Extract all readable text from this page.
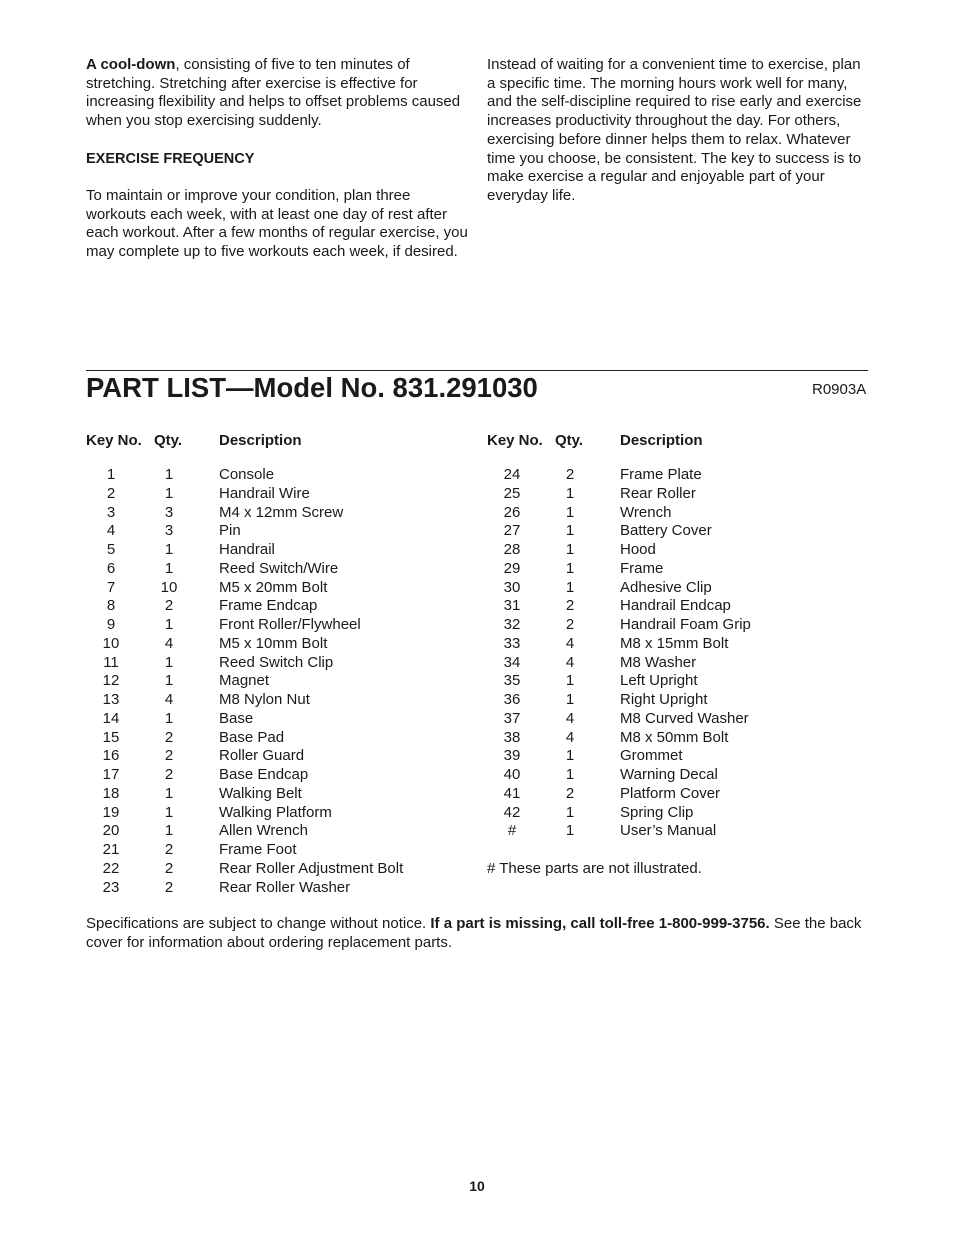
A cool-down, consisting of five to ten minutes of stretching. Stretching after exercise is effective for increasing flexibility and helps to offset problems caused when you stop exercising suddenly.

EXERCISE FREQUENCY

To maintain or improve your condition, plan three workouts each week, with at least one day of rest after each workout. After a few months of regular exercise, you may complete up to five workouts each week, if desired.

Instead of waiting for a convenient time to exercise, plan a specific time. The morning hours work well for many, and the self-discipline required to rise early and exercise increases productivity throughout the day. For others, exercising before dinner helps them to relax. Whatever time you choose, be consistent. The key to success is to make exercise a regular and enjoyable part of your everyday life.

PART LIST—Model No. 831.291030	R0903A
Key No. Qty. Description
1	1	Console
2	1	Handrail Wire
3	3	M4 x 12mm Screw
4	3	Pin
5	1	Handrail
6	1	Reed Switch/Wire
7	10	M5 x 20mm Bolt
8	2	Frame Endcap
9	1	Front Roller/Flywheel
10	4	M5 x 10mm Bolt
11	1	Reed Switch Clip
12	1	Magnet
13	4	M8 Nylon Nut
14	1	Base
15	2	Base Pad
16	2	Roller Guard
17	2	Base Endcap
18	1	Walking Belt
19	1	Walking Platform
20	1	Allen Wrench
21	2	Frame Foot
22	2	Rear Roller Adjustment Bolt
23	2	Rear Roller Washer
Key No. Qty. Description
24	2	Frame Plate
25	1	Rear Roller
26	1	Wrench
27	1	Battery Cover
28	1	Hood
29	1	Frame
30	1	Adhesive Clip
31	2	Handrail Endcap
32	2	Handrail Foam Grip
33	4	M8 x 15mm Bolt
34	4	M8 Washer
35	1	Left Upright
36	1	Right Upright
37	4	M8 Curved Washer
38	4	M8 x 50mm Bolt
39	1	Grommet
40	1	Warning Decal
41	2	Platform Cover
42	1	Spring Clip
#	1	User’s Manual
# These parts are not illustrated.
Specifications are subject to change without notice. If a part is missing, call toll-free 1-800-999-3756. See the back cover for information about ordering replacement parts.
10
